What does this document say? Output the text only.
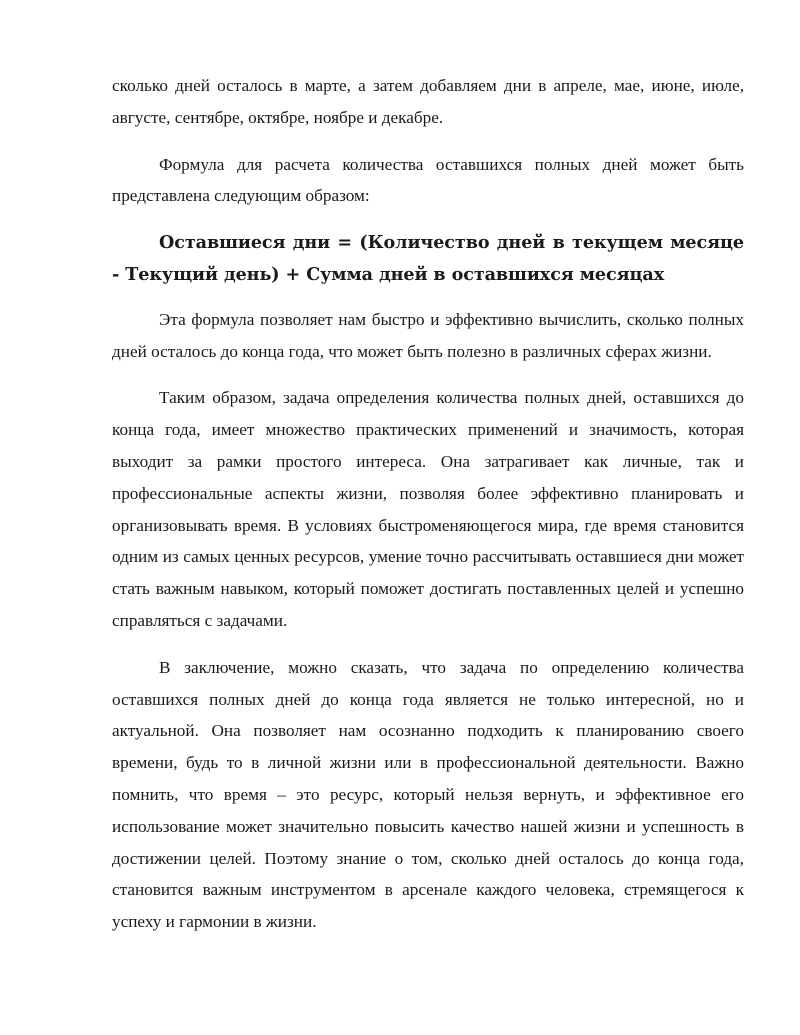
сколько дней осталось в марте, а затем добавляем дни в апреле, мае, июне, июле, августе, сентябре, октябре, ноябре и декабре.

Формула для расчета количества оставшихся полных дней может быть представлена следующим образом:

Оставшиеся дни = (Количество дней в текущем месяце - Текущий день) + Сумма дней в оставшихся месяцах

Эта формула позволяет нам быстро и эффективно вычислить, сколько полных дней осталось до конца года, что может быть полезно в различных сферах жизни.

Таким образом, задача определения количества полных дней, оставшихся до конца года, имеет множество практических применений и значимость, которая выходит за рамки простого интереса. Она затрагивает как личные, так и профессиональные аспекты жизни, позволяя более эффективно планировать и организовывать время. В условиях быстроменяющегося мира, где время становится одним из самых ценных ресурсов, умение точно рассчитывать оставшиеся дни может стать важным навыком, который поможет достигать поставленных целей и успешно справляться с задачами.

В заключение, можно сказать, что задача по определению количества оставшихся полных дней до конца года является не только интересной, но и актуальной. Она позволяет нам осознанно подходить к планированию своего времени, будь то в личной жизни или в профессиональной деятельности. Важно помнить, что время – это ресурс, который нельзя вернуть, и эффективное его использование может значительно повысить качество нашей жизни и успешность в достижении целей. Поэтому знание о том, сколько дней осталось до конца года, становится важным инструментом в арсенале каждого человека, стремящегося к успеху и гармонии в жизни.
